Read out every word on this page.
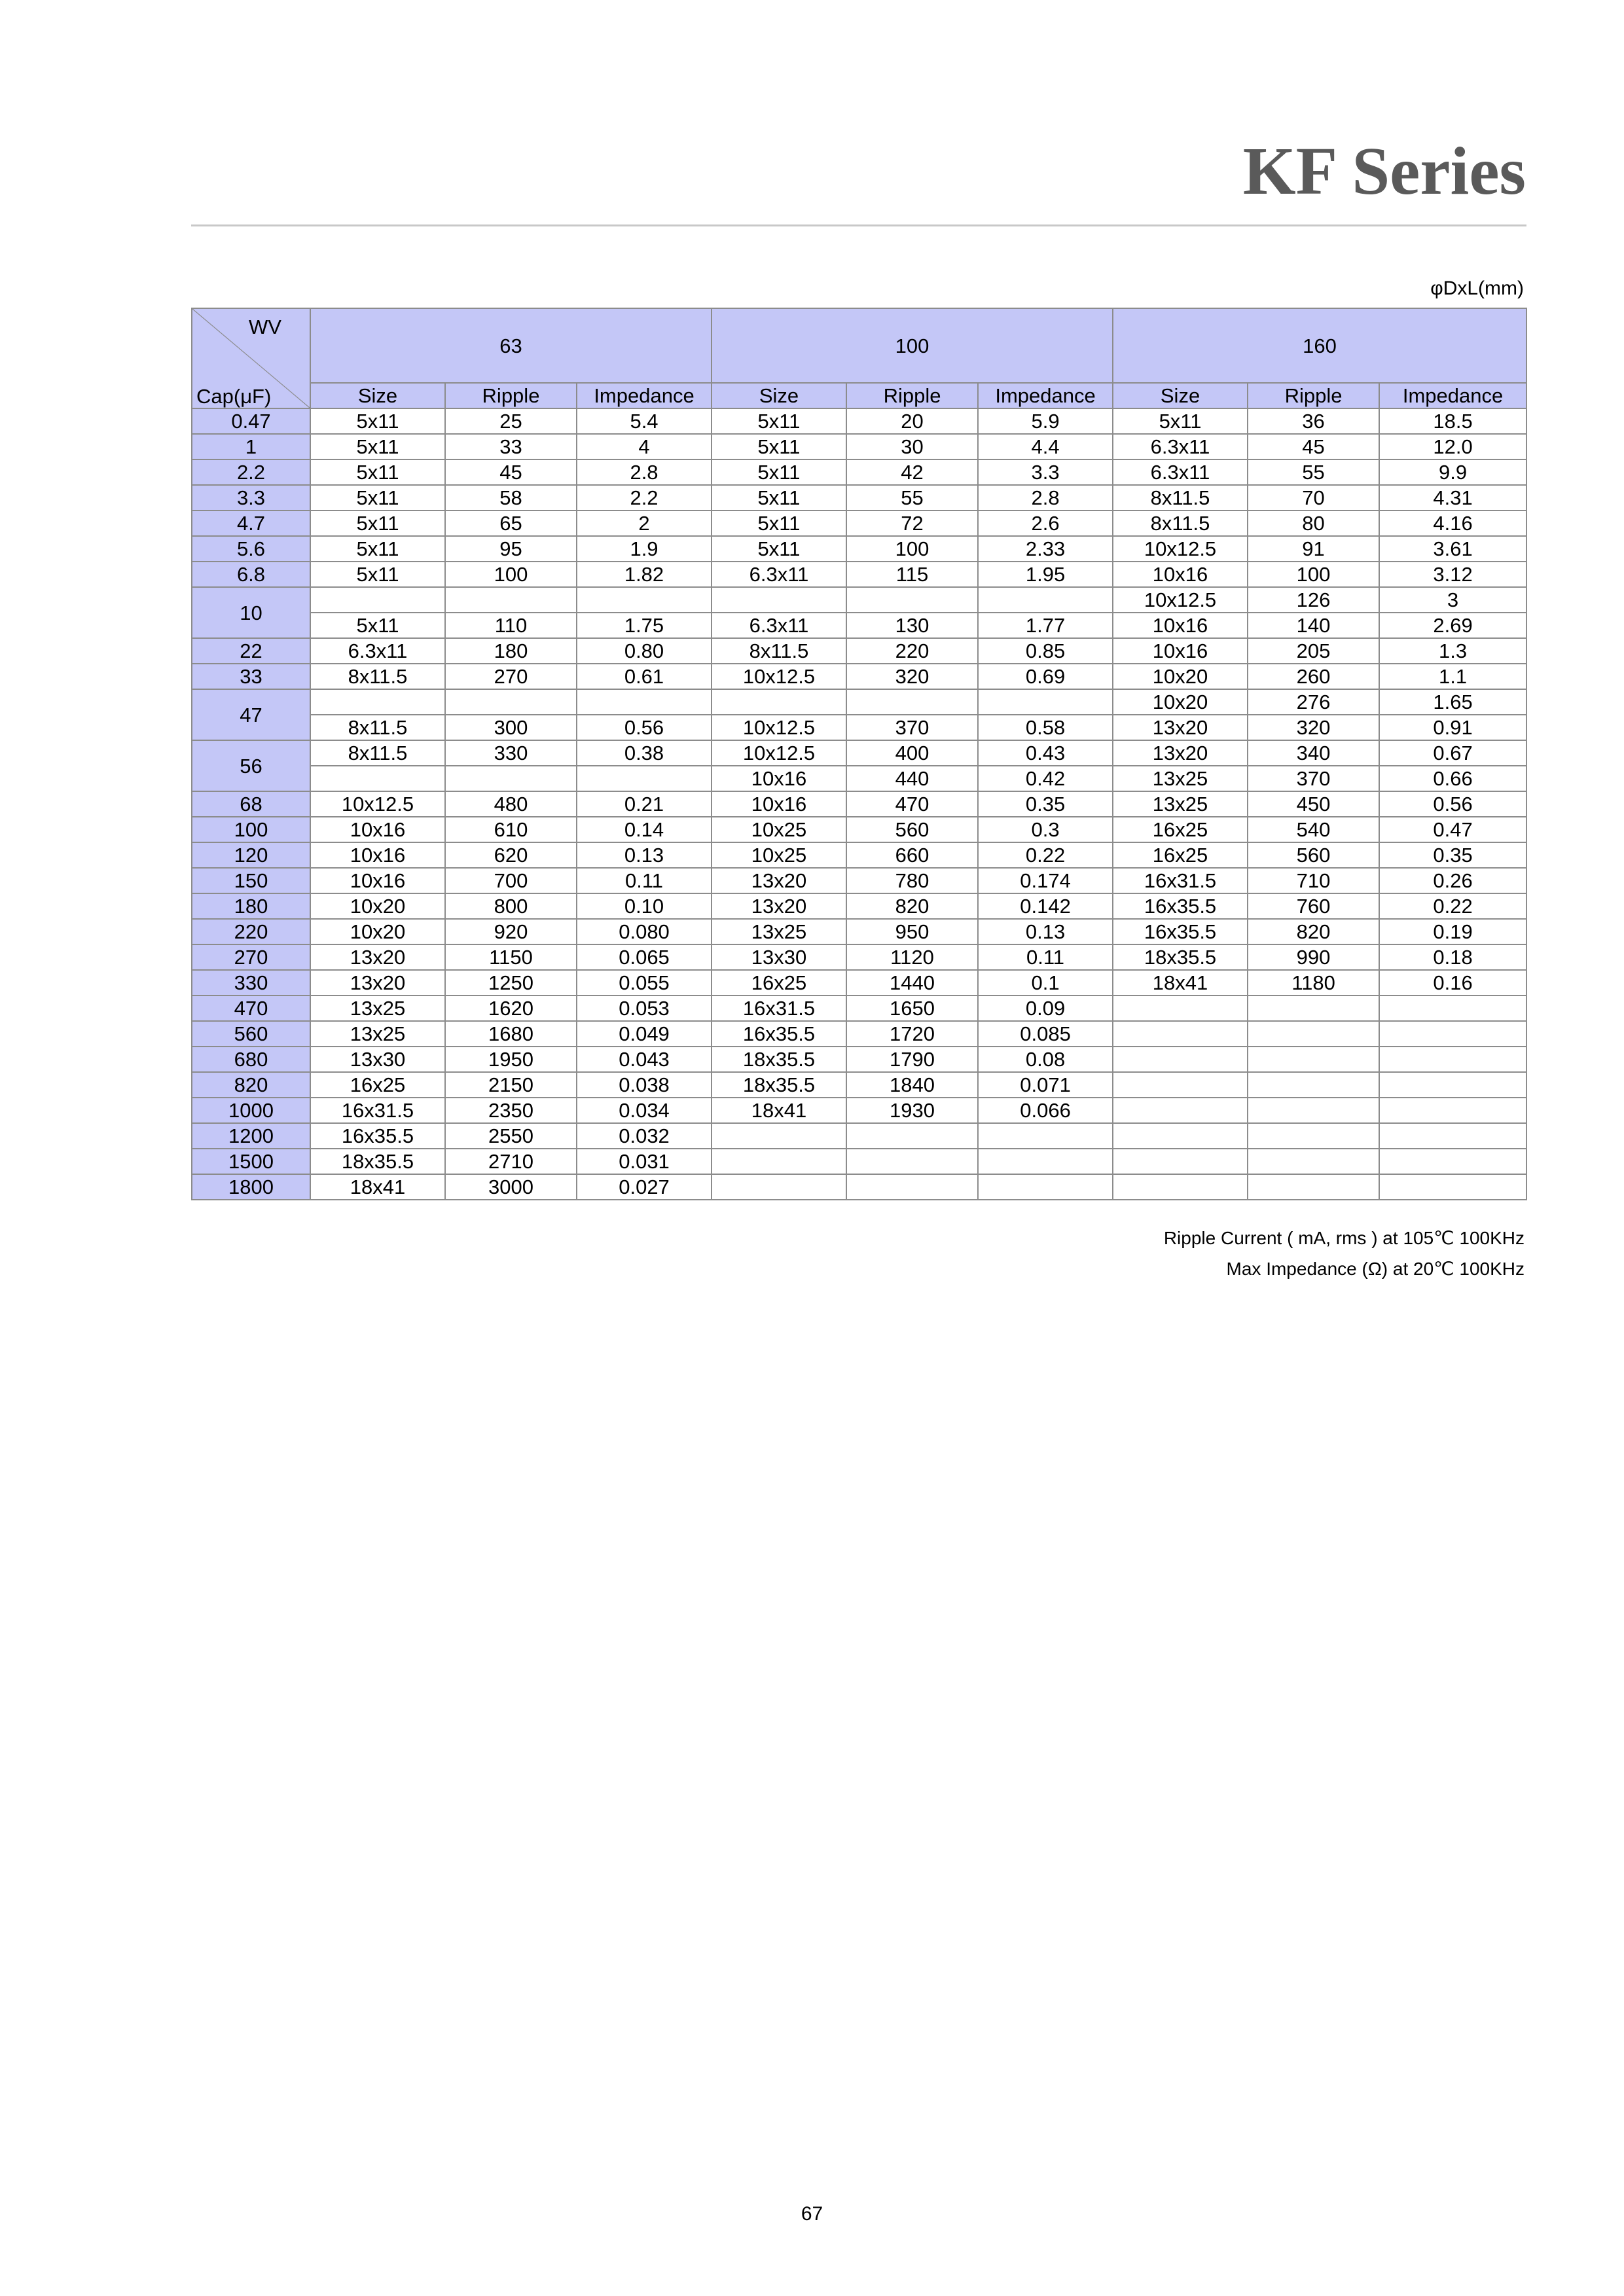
KF Series
φDxL(mm)
WV
Cap(μF)	63			100			160		
	Size	Ripple	Impedance	Size	Ripple	Impedance	Size	Ripple	Impedance
0.47	5x11	25	5.4	5x11	20	5.9	5x11	36	18.5
1	5x11	33	4	5x11	30	4.4	6.3x11	45	12.0
2.2	5x11	45	2.8	5x11	42	3.3	6.3x11	55	9.9
3.3	5x11	58	2.2	5x11	55	2.8	8x11.5	70	4.31
4.7	5x11	65	2	5x11	72	2.6	8x11.5	80	4.16
5.6	5x11	95	1.9	5x11	100	2.33	10x12.5	91	3.61
6.8	5x11	100	1.82	6.3x11	115	1.95	10x16	100	3.12
10							10x12.5	126	3
	5x11	110	1.75	6.3x11	130	1.77	10x16	140	2.69
22	6.3x11	180	0.80	8x11.5	220	0.85	10x16	205	1.3
33	8x11.5	270	0.61	10x12.5	320	0.69	10x20	260	1.1
47							10x20	276	1.65
	8x11.5	300	0.56	10x12.5	370	0.58	13x20	320	0.91
56	8x11.5	330	0.38	10x12.5	400	0.43	13x20	340	0.67
				10x16	440	0.42	13x25	370	0.66
68	10x12.5	480	0.21	10x16	470	0.35	13x25	450	0.56
100	10x16	610	0.14	10x25	560	0.3	16x25	540	0.47
120	10x16	620	0.13	10x25	660	0.22	16x25	560	0.35
150	10x16	700	0.11	13x20	780	0.174	16x31.5	710	0.26
180	10x20	800	0.10	13x20	820	0.142	16x35.5	760	0.22
220	10x20	920	0.080	13x25	950	0.13	16x35.5	820	0.19
270	13x20	1150	0.065	13x30	1120	0.11	18x35.5	990	0.18
330	13x20	1250	0.055	16x25	1440	0.1	18x41	1180	0.16
470	13x25	1620	0.053	16x31.5	1650	0.09			
560	13x25	1680	0.049	16x35.5	1720	0.085			
680	13x30	1950	0.043	18x35.5	1790	0.08			
820	16x25	2150	0.038	18x35.5	1840	0.071			
1000	16x31.5	2350	0.034	18x41	1930	0.066			
1200	16x35.5	2550	0.032						
1500	18x35.5	2710	0.031						
1800	18x41	3000	0.027						
Ripple Current ( mA, rms ) at 105℃ 100KHz
Max Impedance (Ω) at 20℃ 100KHz
67
